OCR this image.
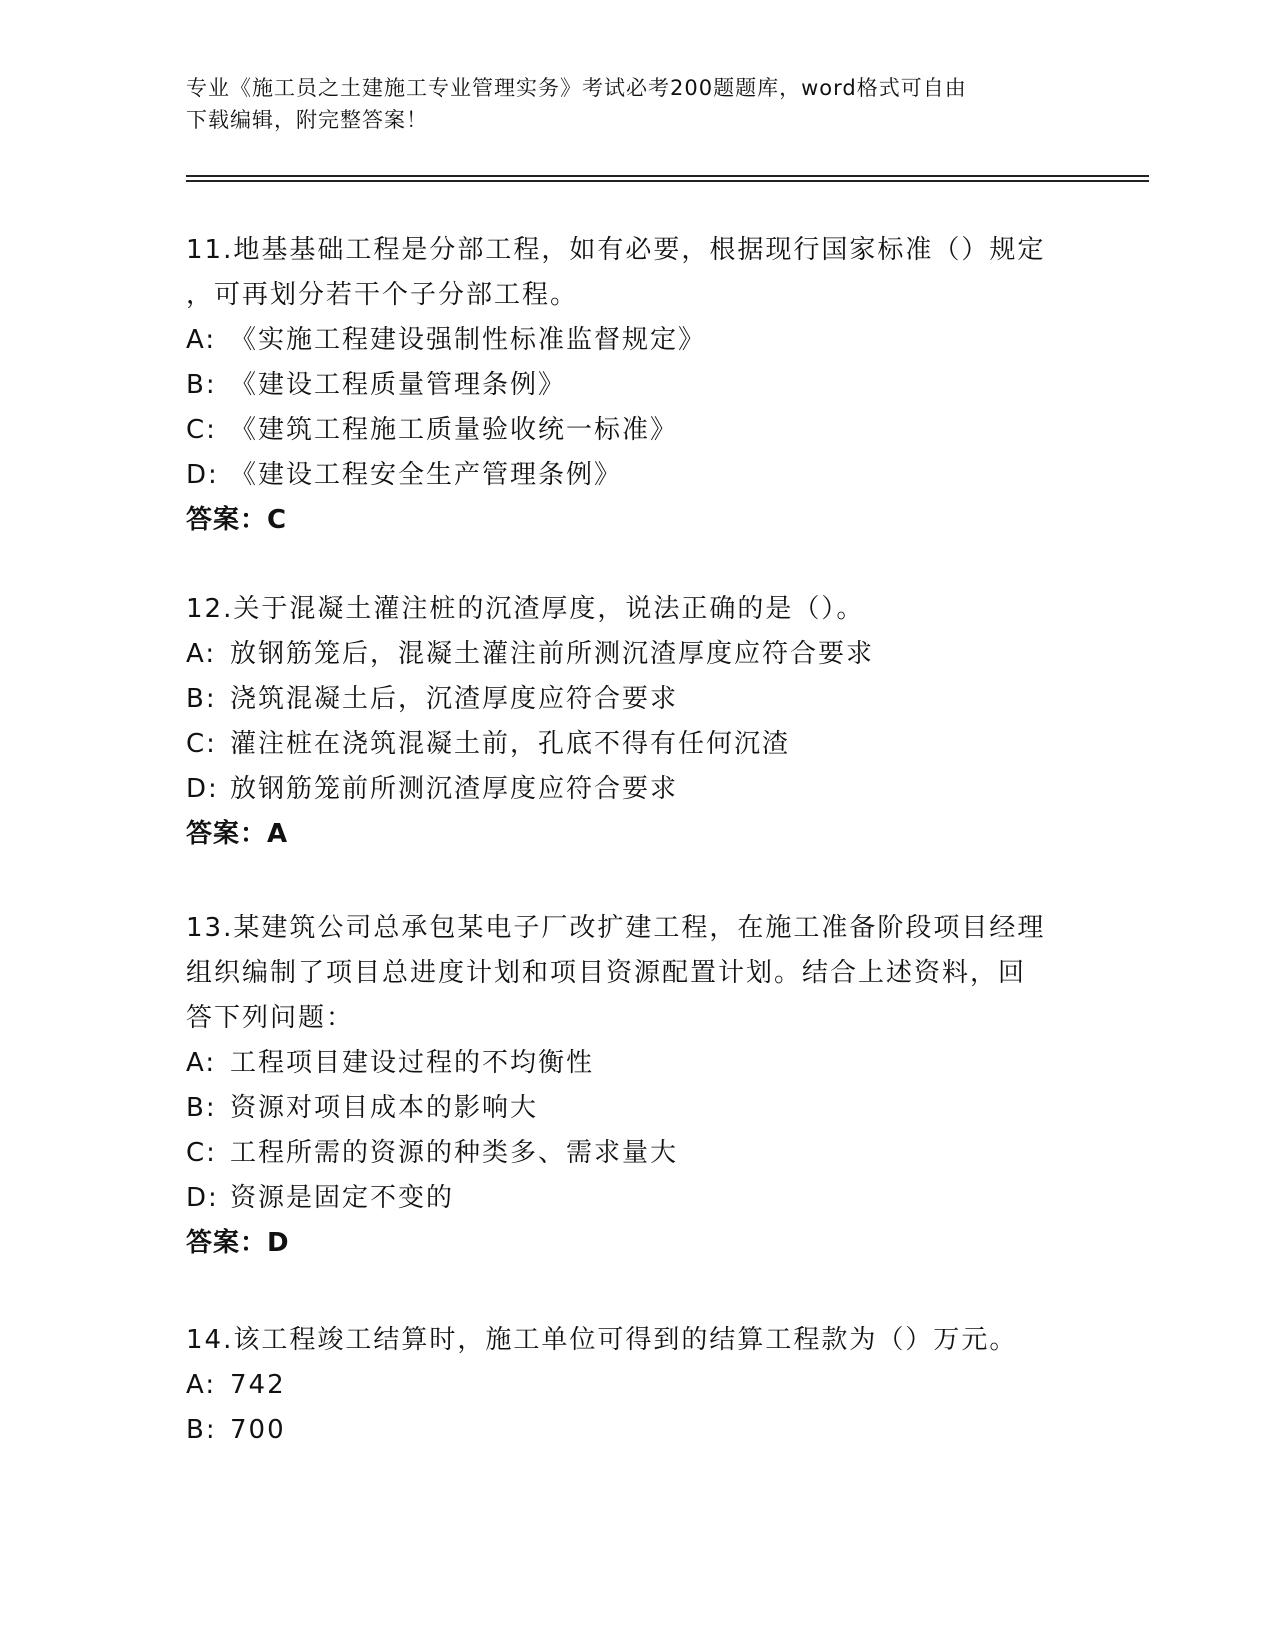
专业《施工员之土建施工专业管理实务》考试必考200题题库，word格式可自由
下载编辑，附完整答案！

11.地基基础工程是分部工程，如有必要，根据现行国家标准（）规定

，可再划分若干个子分部工程。

A: 《实施工程建设强制性标准监督规定》

B: 《建设工程质量管理条例》

C: 《建筑工程施工质量验收统一标准》

D: 《建设工程安全生产管理条例》

答案：C

12.关于混凝土灌注桩的沉渣厚度，说法正确的是（）。

A: 放钢筋笼后，混凝土灌注前所测沉渣厚度应符合要求

B: 浇筑混凝土后，沉渣厚度应符合要求

C: 灌注桩在浇筑混凝土前，孔底不得有任何沉渣

D: 放钢筋笼前所测沉渣厚度应符合要求

答案：A

13.某建筑公司总承包某电子厂改扩建工程，在施工准备阶段项目经理

组织编制了项目总进度计划和项目资源配置计划。结合上述资料，回

答下列问题：

A: 工程项目建设过程的不均衡性

B: 资源对项目成本的影响大

C: 工程所需的资源的种类多、需求量大

D: 资源是固定不变的

答案：D

14.该工程竣工结算时，施工单位可得到的结算工程款为（）万元。

A: 742

B: 700
